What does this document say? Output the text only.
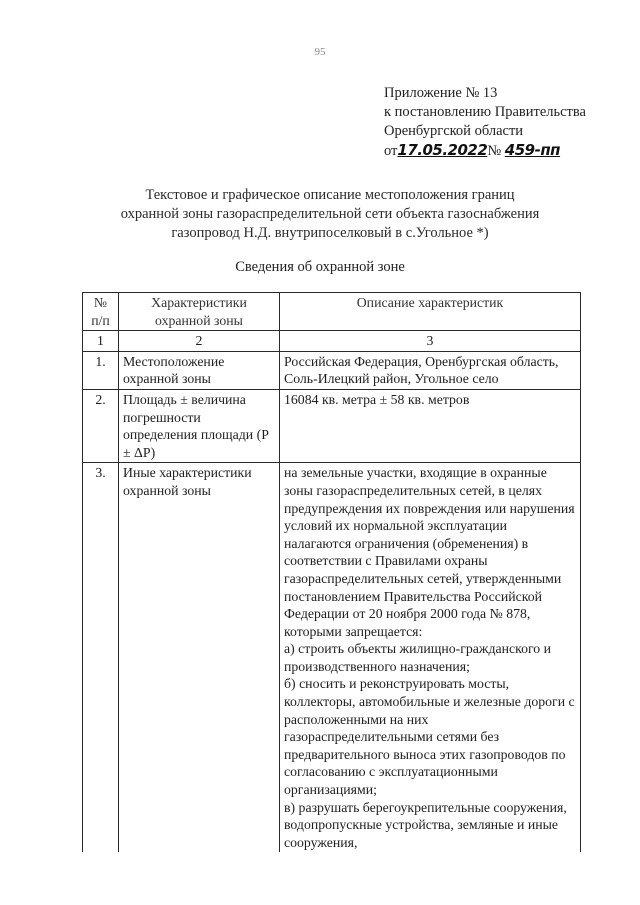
95
Приложение № 13
к постановлению Правительства
Оренбургской области
от17.05.2022№ 459-пп
Текстовое и графическое описание местоположения границ
охранной зоны газораспределительной сети объекта газоснабжения
газопровод Н.Д. внутрипоселковый в с.Угольное *)
Сведения об охранной зоне
№ п/п	Характеристики охранной зоны	Описание характеристик
1	2	3
1.	Местоположение охранной зоны	Российская Федерация, Оренбургская область, Соль-Илецкий район, Угольное село

2.	Площадь ± величина погрешности определения площади (P ± ΔP)	16084 кв. метра ± 58 кв. метров

3.	Иные характеристики охранной зоны	на земельные участки, входящие в охранные зоны газораспределительных сетей, в целях предупреждения их повреждения или нарушения условий их нормальной эксплуатации налагаются ограничения (обременения) в соответствии с Правилами охраны газораспределительных сетей, утвержденными постановлением Правительства Российской Федерации от 20 ноября 2000 года № 878, которыми запрещается:
а) строить объекты жилищно-гражданского и производственного назначения;
б) сносить и реконструировать мосты, коллекторы, автомобильные и железные дороги с расположенными на них газораспределительными сетями без предварительного выноса этих газопроводов по согласованию с эксплуатационными организациями;
в) разрушать берегоукрепительные сооружения, водопропускные устройства, земляные и иные сооружения,
